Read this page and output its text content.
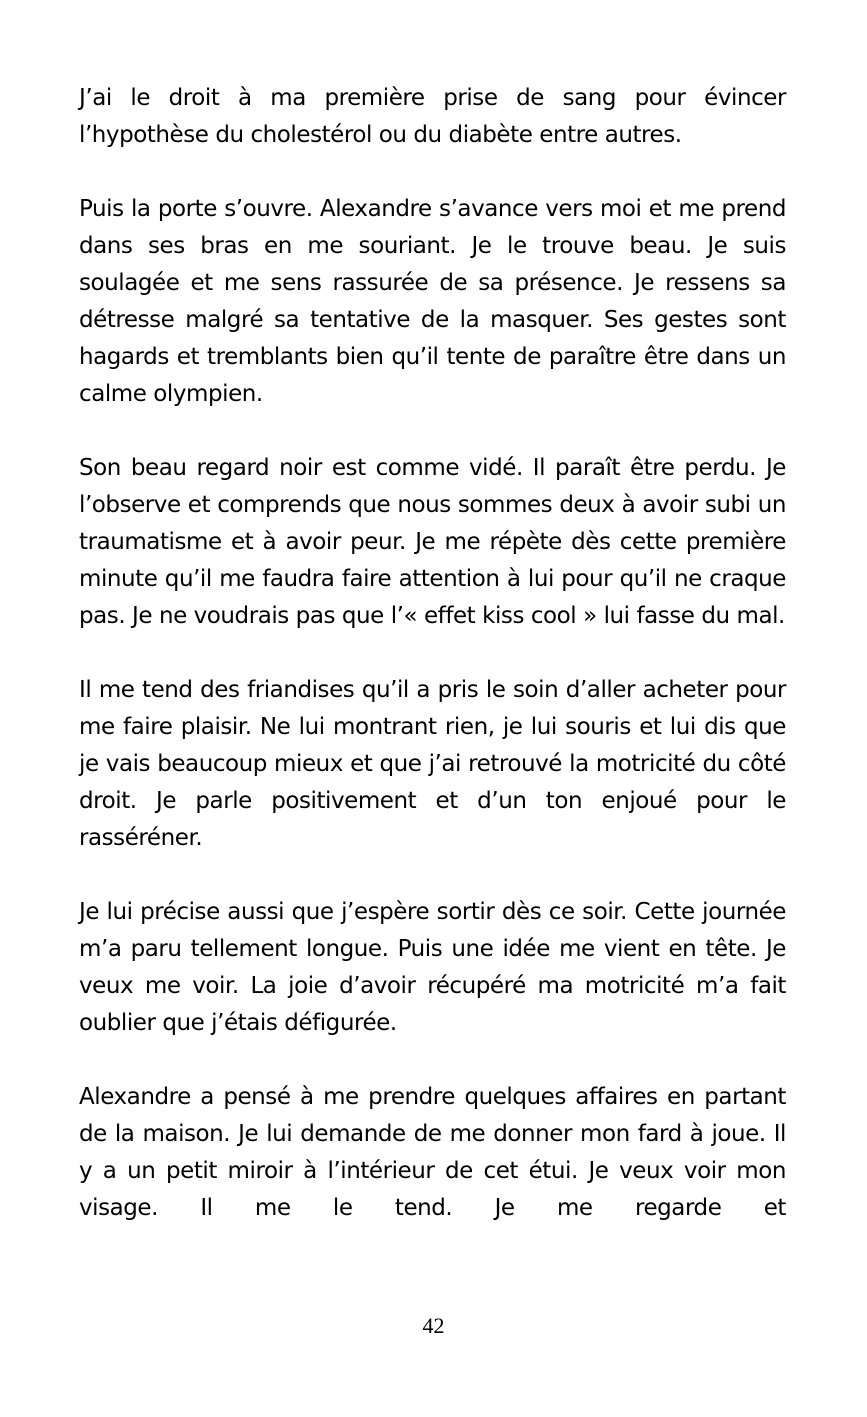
J’ai le droit à ma première prise de sang pour évincer l’hypothèse du cholestérol ou du diabète entre autres.

Puis la porte s’ouvre. Alexandre s’avance vers moi et me prend dans ses bras en me souriant. Je le trouve beau. Je suis soulagée et me sens rassurée de sa présence. Je ressens sa détresse malgré sa tentative de la masquer. Ses gestes sont hagards et tremblants bien qu’il tente de paraître être dans un calme olympien.

Son beau regard noir est comme vidé. Il paraît être perdu. Je l’observe et comprends que nous sommes deux à avoir subi un traumatisme et à avoir peur. Je me répète dès cette première minute qu’il me faudra faire attention à lui pour qu’il ne craque pas. Je ne voudrais pas que l’« effet kiss cool » lui fasse du mal.

Il me tend des friandises qu’il a pris le soin d’aller acheter pour me faire plaisir. Ne lui montrant rien, je lui souris et lui dis que je vais beaucoup mieux et que j’ai retrouvé la motricité du côté droit. Je parle positivement et d’un ton enjoué pour le rasséréner.

Je lui précise aussi que j’espère sortir dès ce soir. Cette journée m’a paru tellement longue. Puis une idée me vient en tête. Je veux me voir. La joie d’avoir récupéré ma motricité m’a fait oublier que j’étais défigurée.

Alexandre a pensé à me prendre quelques affaires en partant de la maison. Je lui demande de me donner mon fard à joue. Il y a un petit miroir à l’intérieur de cet étui. Je veux voir mon visage. Il me le tend. Je me regarde et

42
